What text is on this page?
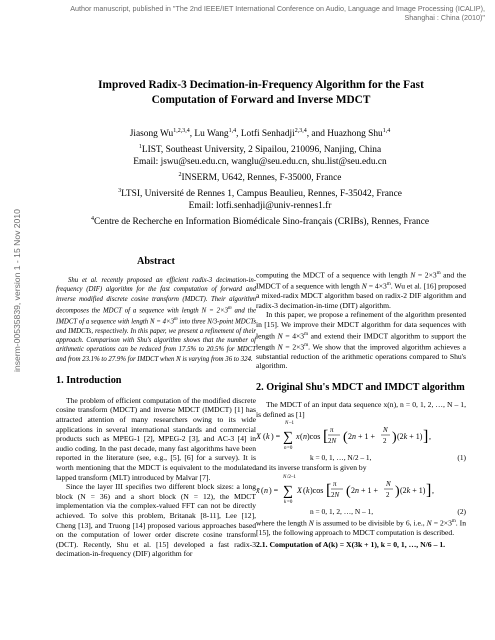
Author manuscript, published in "The 2nd IEEE/IET International Conference on Audio, Language and Image Processing (ICALIP),
Shanghai : China (2010)"
inserm-00535839, version 1 - 15 Nov 2010
Improved Radix-3 Decimation-in-Frequency Algorithm for the Fast
Computation of Forward and Inverse MDCT
Jiasong Wu$^{1,2,3,4}$, Lu Wang$^{1,4}$, Lotfi Senhadji$^{2,3,4}$, and Huazhong Shu$^{1,4}$
$^1$LIST, Southeast University, 2 Sipailou, 210096, Nanjing, China
Email: jswu@seu.edu.cn, wanglu@seu.edu.cn, shu.list@seu.edu.cn
$^2$INSERM, U642, Rennes, F-35000, France
$^3$LTSI, Université de Rennes 1, Campus Beaulieu, Rennes, F-35042, France
Email: lotfi.senhadji@univ-rennes1.fr
$^4$Centre de Recherche en Information Biomédicale Sino-français (CRIBs), Rennes, France
Abstract

Shu et al. recently proposed an efficient radix-3 decimation-in-frequency (DIF) algorithm for the fast computation of forward and inverse modified discrete cosine transform (MDCT). Their algorithm decomposes the MDCT of a sequence with length $N = 2\times 3^m$ and the IMDCT of a sequence with length $N = 4\times 3^m$ into three N/3-point MDCTs and IMDCTs, respectively. In this paper, we present a refinement of their approach. Comparison with Shu's algorithm shows that the number of arithmetic operations can be reduced from 17.5% to 20.5% for MDCT and from 23.1% to 27.9% for IMDCT when N is varying from 36 to 324.

1. Introduction

The problem of efficient computation of the modified discrete cosine transform (MDCT) and inverse MDCT (IMDCT) [1] has attracted attention of many researchers owing to its wide applications in several international standards and commercial products such as MPEG-1 [2], MPEG-2 [3], and AC-3 [4] in audio coding. In the past decade, many fast algorithms have been reported in the literature (see, e.g., [5], [6] for a survey). It is worth mentioning that the MDCT is equivalent to the modulated lapped transform (MLT) introduced by Malvar [7].

Since the layer III specifies two different block sizes: a long block (N = 36) and a short block (N = 12), the MDCT implementation via the complex-valued FFT can not be directly achieved. To solve this problem, Britanak [8-11], Lee [12], Cheng [13], and Truong [14] proposed various approaches based on the computation of lower order discrete cosine transform (DCT). Recently, Shu et al. [15] developed a fast radix-3 decimation-in-frequency (DIF) algorithm for

computing the MDCT of a sequence with length $N = 2\times 3^m$ and the IMDCT of a sequence with length $N = 4\times 3^m$. Wu et al. [16] proposed a mixed-radix MDCT algorithm based on radix-2 DIF algorithm and radix-3 decimation-in-time (DIT) algorithm.

In this paper, we propose a refinement of the algorithm presented in [15]. We improve their MDCT algorithm for data sequences with length $N = 4\times 3^m$ and extend their IMDCT algorithm to support the length $N = 2\times 3^m$. We show that the improved algorithm achieves a substantial reduction of the arithmetic operations compared to Shu's algorithm.

2. Original Shu's MDCT and IMDCT algorithm

The MDCT of an input data sequence x(n), n = 0, 1, 2, …, N – 1, is defined as [1]

X ( k ) =
N –1
∑
n =0
x ( n )cos [ π
2N ( 2n + 1 +
N
2 ) (2k + 1) ] ,
k = 0, 1, …, N/2 – 1,	(1)

and its inverse transform is given by

x̃ ( n ) =
N /2–1
∑
k =0
X ( k )cos [ π
2N ( 2n + 1 +
N
2 ) (2k + 1) ] ,
n = 0, 1, 2, …, N – 1,	(2)

where the length N is assumed to be divisible by 6, i.e., $N = 2\times 3^m$. In [15], the following approach to MDCT computation is described.

2.1. Computation of A(k) = X(3k + 1), k = 0, 1, …, N/6 – 1.
